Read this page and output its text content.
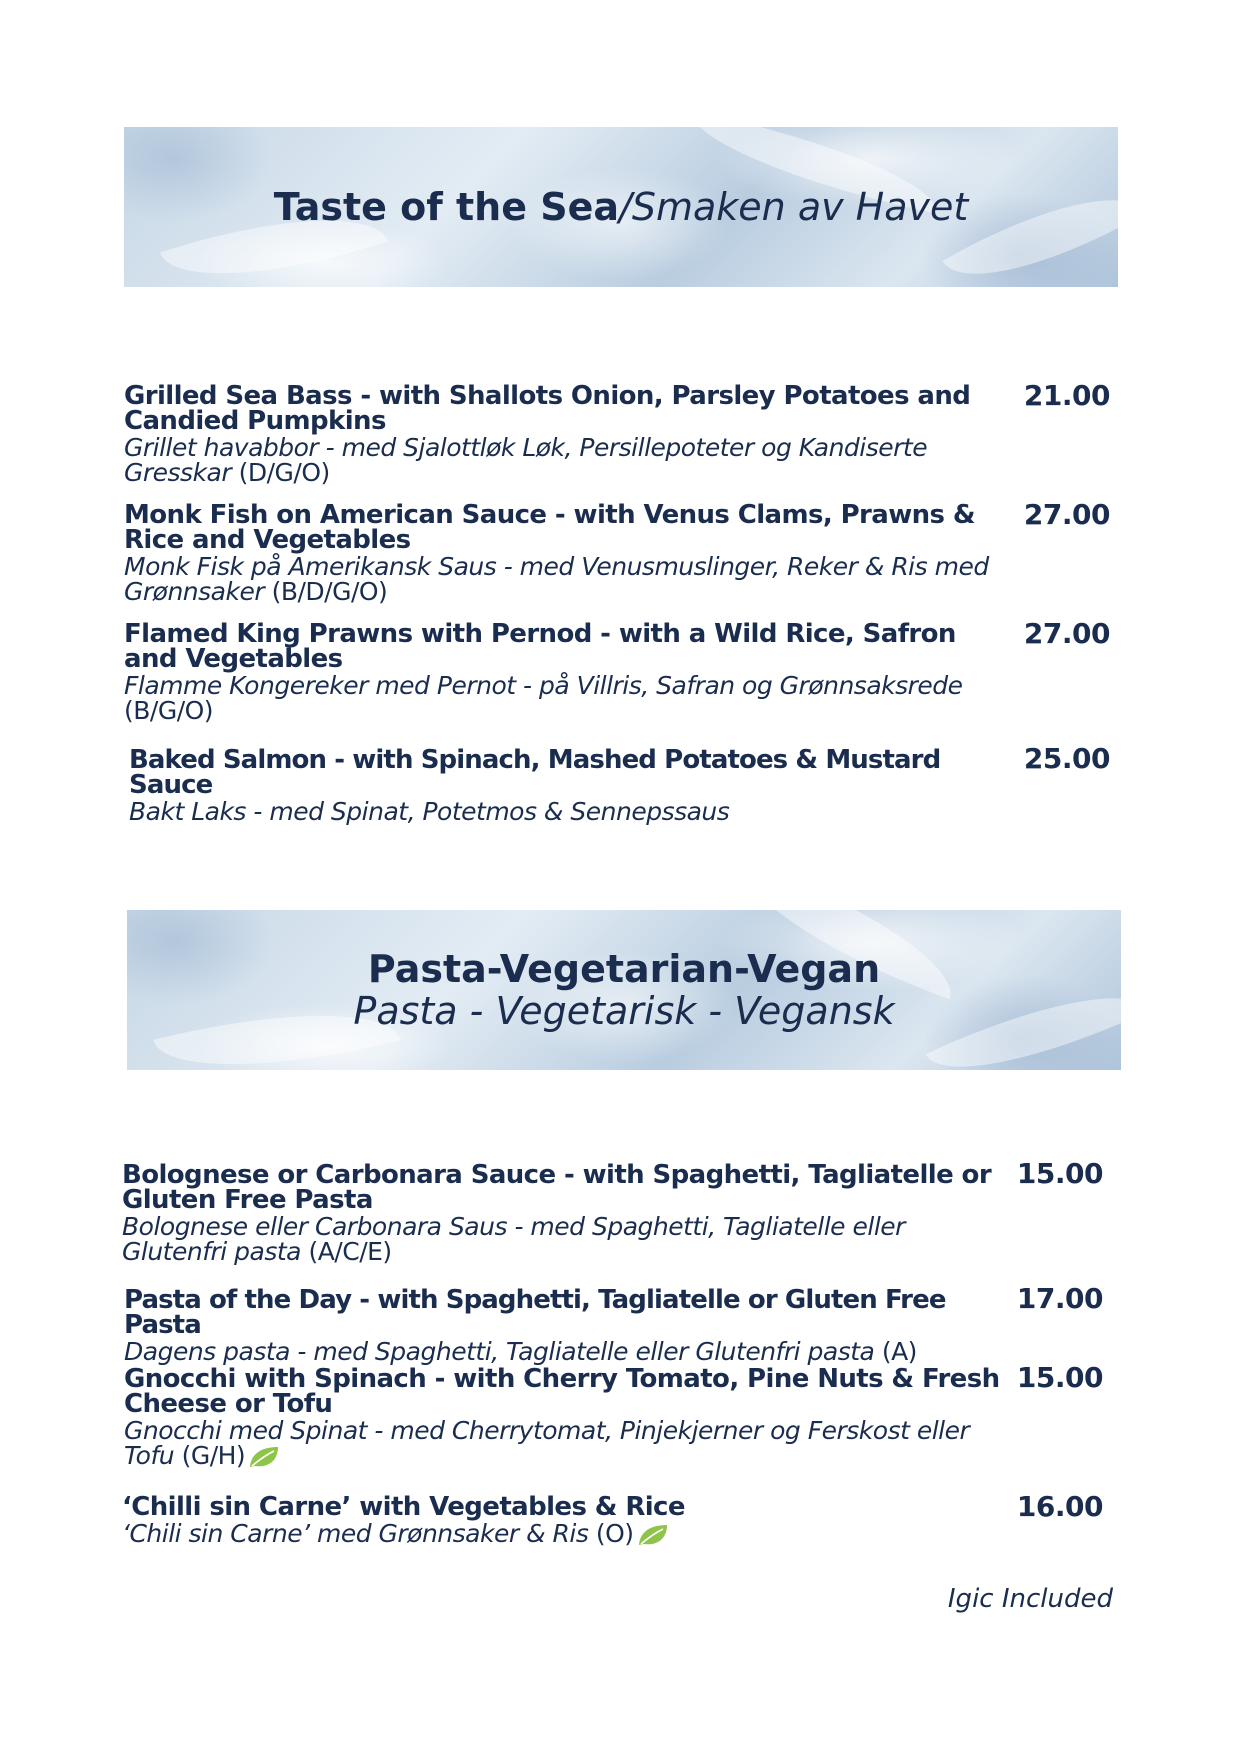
Taste of the Sea/Smaken av Havet
Grilled Sea Bass - with Shallots Onion, Parsley Potatoes and Candied Pumpkins
Grillet havabbor - med Sjalottløk Løk, Persillepoteter og Kandiserte Gresskar (D/G/O)
21.00
Monk Fish on American Sauce - with Venus Clams, Prawns & Rice and Vegetables
Monk Fisk på Amerikansk Saus - med Venusmuslinger, Reker & Ris med Grønnsaker (B/D/G/O)
27.00
Flamed King Prawns with Pernod - with a Wild Rice, Safron and Vegetables
Flamme Kongereker med Pernot - på Villris, Safran og Grønnsaksrede (B/G/O)
27.00
Baked Salmon - with Spinach, Mashed Potatoes & Mustard Sauce
Bakt Laks - med Spinat, Potetmos & Sennepssaus
25.00
Pasta-Vegetarian-Vegan
Pasta - Vegetarisk - Vegansk
Bolognese or Carbonara Sauce - with Spaghetti, Tagliatelle or Gluten Free Pasta
Bolognese eller Carbonara Saus - med Spaghetti, Tagliatelle eller Glutenfri pasta (A/C/E)
15.00
Pasta of the Day - with Spaghetti, Tagliatelle or Gluten Free Pasta
Dagens pasta - med Spaghetti, Tagliatelle eller Glutenfri pasta (A)
17.00
Gnocchi with Spinach - with Cherry Tomato, Pine Nuts & Fresh Cheese or Tofu
Gnocchi med Spinat - med Cherrytomat, Pinjekjerner og Ferskost eller Tofu (G/H)
15.00
‘Chilli sin Carne’ with Vegetables & Rice
‘Chili sin Carne’ med Grønnsaker & Ris (O)
16.00
Igic Included
